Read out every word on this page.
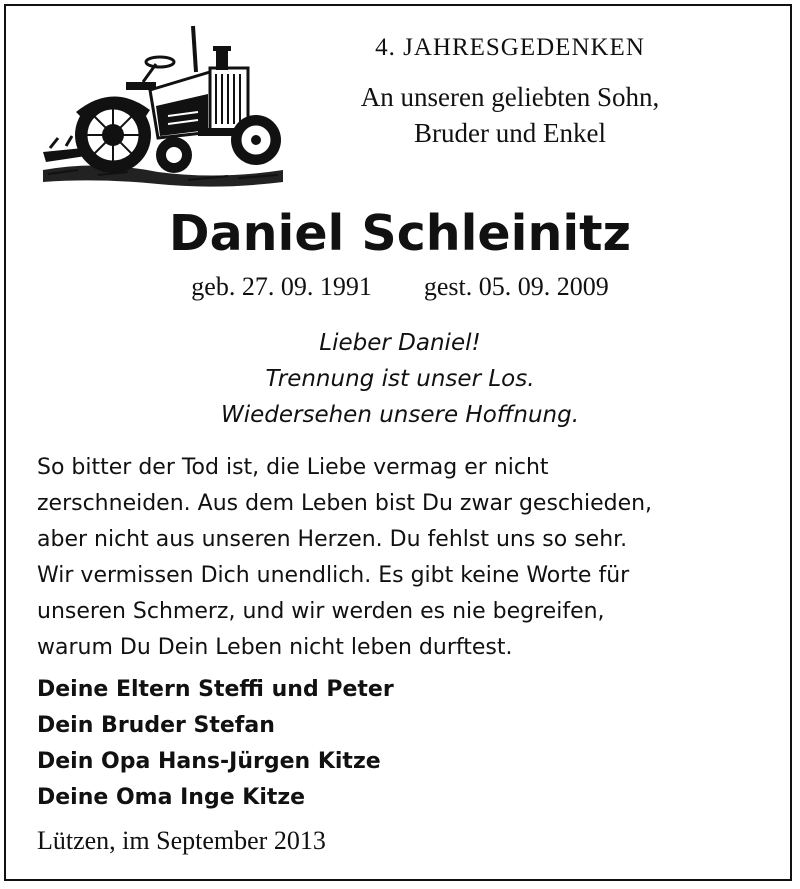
4. JAHRESGEDENKEN
An unseren geliebten Sohn,
Bruder und Enkel
Daniel Schleinitz
geb. 27. 09. 1991 gest. 05. 09. 2009
Lieber Daniel!
Trennung ist unser Los.
Wiedersehen unsere Hoffnung.
So bitter der Tod ist, die Liebe vermag er nicht
zerschneiden. Aus dem Leben bist Du zwar geschieden,
aber nicht aus unseren Herzen. Du fehlst uns so sehr.
Wir vermissen Dich unendlich. Es gibt keine Worte für
unseren Schmerz, und wir werden es nie begreifen,
warum Du Dein Leben nicht leben durftest.
Deine Eltern Steffi und Peter
Dein Bruder Stefan
Dein Opa Hans-Jürgen Kitze
Deine Oma Inge Kitze
Lützen, im September 2013
